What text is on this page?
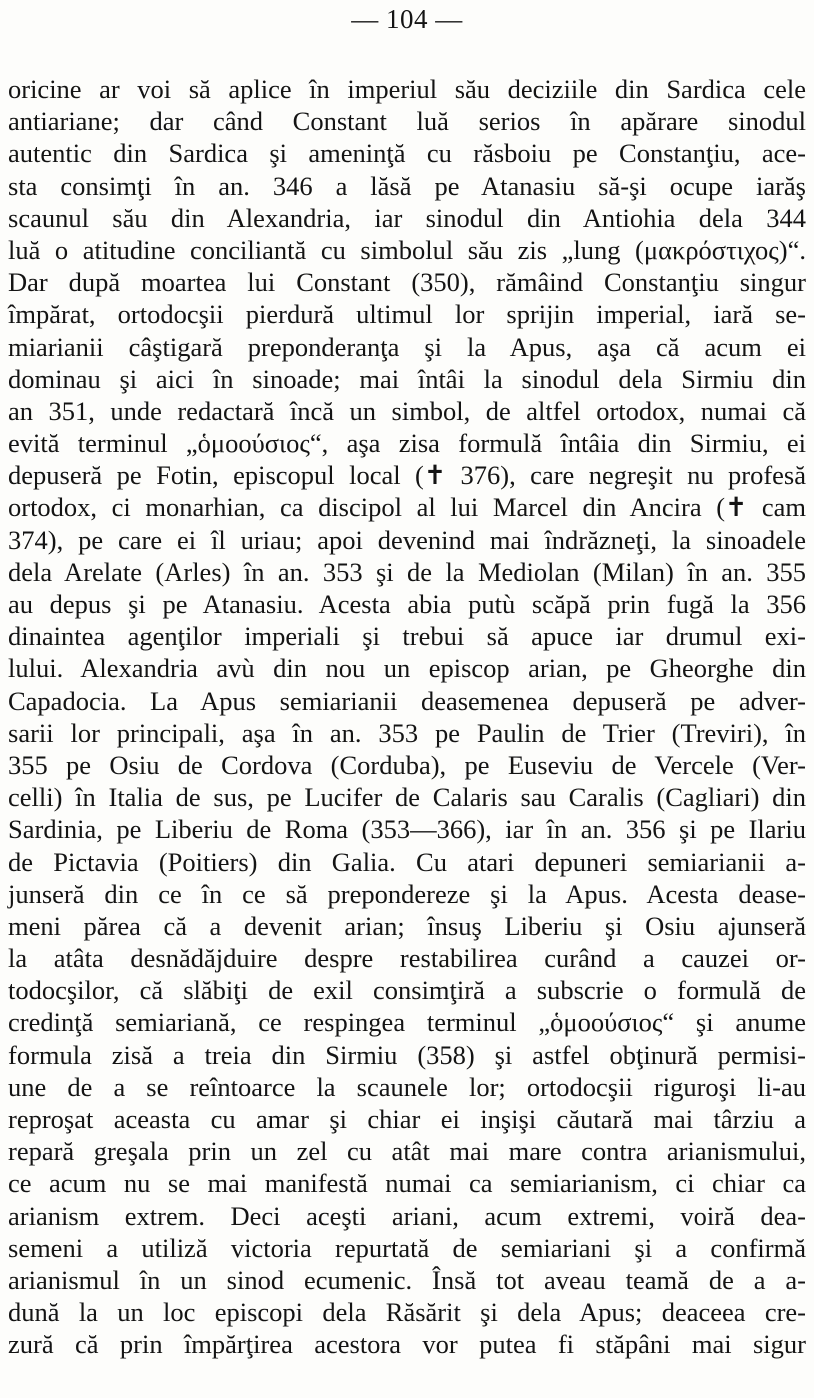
— 104 —
oricine ar voi să aplice în imperiul său deciziile din Sardica cele
antiariane; dar când Constant luă serios în apărare sinodul
autentic din Sardica şi ameninţă cu răsboiu pe Constanţiu, ace-
sta consimţi în an. 346 a lăsă pe Atanasiu să-şi ocupe iarăş
scaunul său din Alexandria, iar sinodul din Antiohia dela 344
luă o atitudine conciliantă cu simbolul său zis „lung (μακρόστιχος)“.
Dar după moartea lui Constant (350), rămâind Constanţiu singur
împărat, ortodocşii pierdură ultimul lor sprijin imperial, iară se-
miarianii câştigară preponderanţa şi la Apus, aşa că acum ei
dominau şi aici în sinoade; mai întâi la sinodul dela Sirmiu din
an 351, unde redactară încă un simbol, de altfel ortodox, numai că
evită terminul „ὁμοούσιος“, aşa zisa formulă întâia din Sirmiu, ei
depuseră pe Fotin, episcopul local (✝ 376), care negreşit nu profesă
ortodox, ci monarhian, ca discipol al lui Marcel din Ancira (✝ cam
374), pe care ei îl uriau; apoi devenind mai îndrăzneţi, la sinoadele
dela Arelate (Arles) în an. 353 şi de la Mediolan (Milan) în an. 355
au depus şi pe Atanasiu. Acesta abia putù scăpă prin fugă la 356
dinaintea agenţilor imperiali şi trebui să apuce iar drumul exi-
lului. Alexandria avù din nou un episcop arian, pe Gheorghe din
Capadocia. La Apus semiarianii deasemenea depuseră pe adver-
sarii lor principali, aşa în an. 353 pe Paulin de Trier (Treviri), în
355 pe Osiu de Cordova (Corduba), pe Euseviu de Vercele (Ver-
celli) în Italia de sus, pe Lucifer de Calaris sau Caralis (Cagliari) din
Sardinia, pe Liberiu de Roma (353—366), iar în an. 356 şi pe Ilariu
de Pictavia (Poitiers) din Galia. Cu atari depuneri semiarianii a-
junseră din ce în ce să prepondereze şi la Apus. Acesta dease-
meni părea că a devenit arian; însuş Liberiu şi Osiu ajunseră
la atâta desnădăjduire despre restabilirea curând a cauzei or-
todocşilor, că slăbiţi de exil consimţiră a subscrie o formulă de
credinţă semiariană, ce respingea terminul „ὁμοούσιος“ şi anume
formula zisă a treia din Sirmiu (358) şi astfel obţinură permisi-
une de a se reîntoarce la scaunele lor; ortodocşii riguroşi li-au
reproşat aceasta cu amar şi chiar ei inşişi căutară mai târziu a
repară greşala prin un zel cu atât mai mare contra arianismului,
ce acum nu se mai manifestă numai ca semiarianism, ci chiar ca
arianism extrem. Deci aceşti ariani, acum extremi, voiră dea-
semeni a utiliză victoria repurtată de semiariani şi a confirmă
arianismul în un sinod ecumenic. Însă tot aveau teamă de a a-
dună la un loc episcopi dela Răsărit şi dela Apus; deaceea cre-
zură că prin împărţirea acestora vor putea fi stăpâni mai sigur
